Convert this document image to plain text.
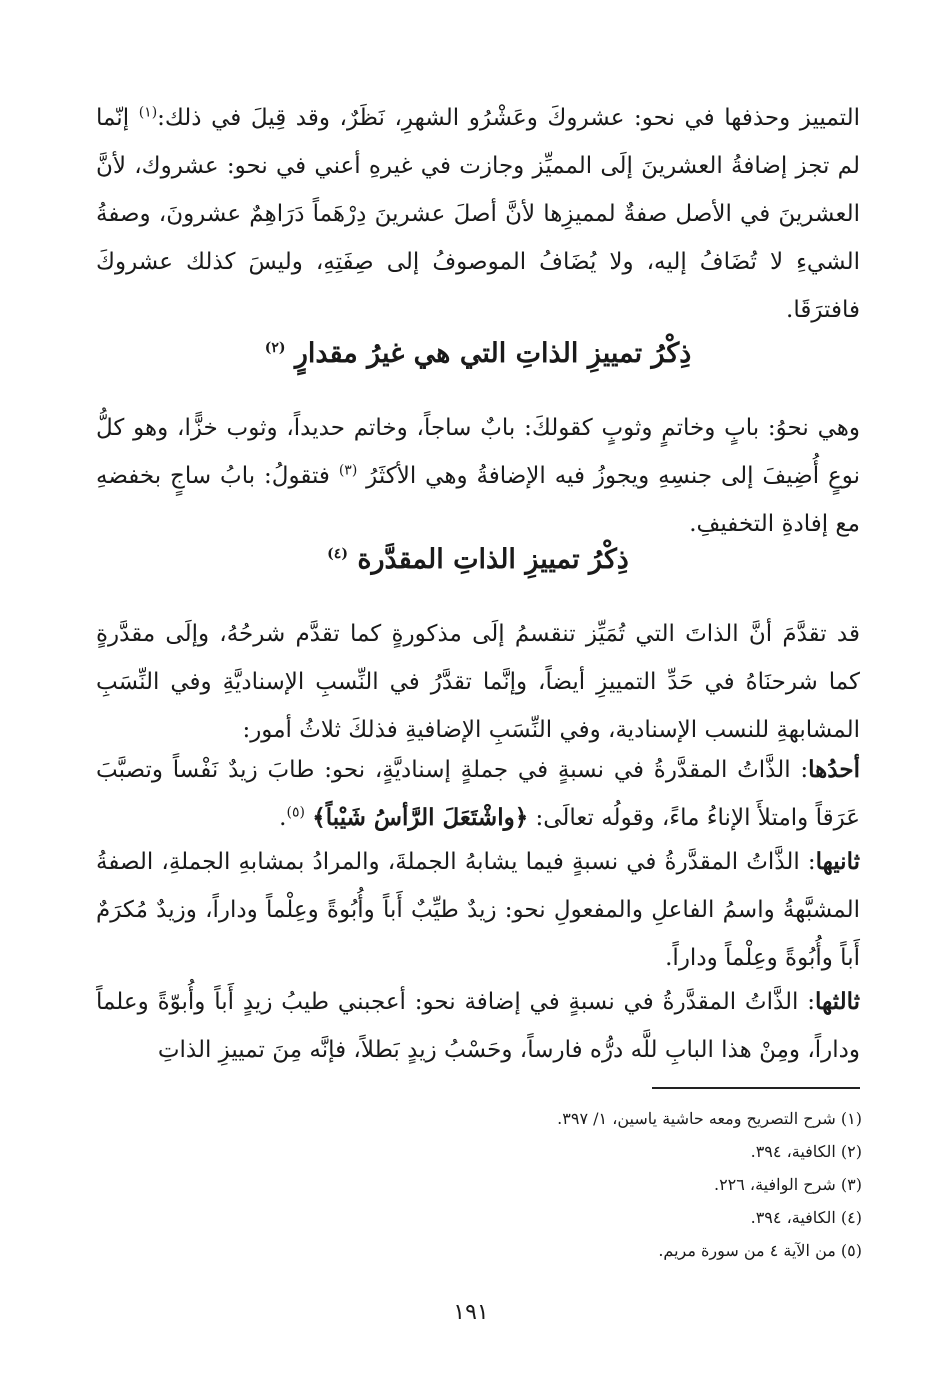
التمييز وحذفها في نحو: عشروكَ وعَشْرُو الشهرِ، نَظَرٌ، وقد قِيلَ في ذلك:$^{(١)}$ إنّما لم تجز إضافةُ العشرينَ إلَى المميِّز وجازت في غيرهِ أعني في نحو: عشروك، لأنَّ العشرينَ في الأصل صفةٌ لمميزِها لأنَّ أصلَ عشرينَ دِرْهَماً دَرَاهِمٌ عشرونَ، وصفةُ الشيءِ لا تُضَافُ إليه، ولا يُضَافُ الموصوفُ إلى صِفَتِهِ، وليسَ كذلك عشروكَ فافترَقَا.

ذِكْرُ تمييزِ الذاتِ التي هي غيرُ مقدارٍ $^{(٢)}$

وهي نحوُ: بابٍ وخاتمٍ وثوبٍ كقولكَ: بابٌ ساجاً، وخاتم حديداً، وثوب خزًّا، وهو كلُّ نوعٍ أُضِيفَ إلى جنسِهِ ويجوزُ فيه الإضافةُ وهي الأكثَرُ $^{(٣)}$ فتقولُ: بابُ ساجٍ بخفضهِ مع إفادةِ التخفيفِ.

ذِكْرُ تمييزِ الذاتِ المقدَّرة $^{(٤)}$

قد تقدَّمَ أنَّ الذاتَ التي تُمَيِّز تنقسمُ إلَى مذكورةٍ كما تقدَّم شرحُهُ، وإلَى مقدَّرةٍ كما شرحنَاهُ في حَدِّ التمييزِ أيضاً، وإنَّما تقدَّرُ في النِّسبِ الإسناديَّةِ وفي النِّسَبِ المشابهةِ للنسب الإسنادية، وفي النِّسَبِ الإضافيةِ فذلكَ ثلاثُ أمور:

أحدُها: الذَّاتُ المقدَّرةُ في نسبةٍ في جملةٍ إسناديَّةٍ، نحو: طابَ زيدٌ نَفْساً وتصبَّبَ عَرَقاً وامتلأَ الإناءُ ماءً، وقولُه تعالَى: ﴿واشْتَعَلَ الرَّأسُ شَيْباً﴾ $^{(٥)}$.

ثانيها: الذَّاتُ المقدَّرةُ في نسبةٍ فيما يشابهُ الجملةَ، والمرادُ بمشابهِ الجملةِ، الصفةُ المشبَّهةُ واسمُ الفاعلِ والمفعولِ نحو: زيدٌ طيِّبٌ أَباً وأُبُوةً وعِلْماً وداراً، وزيدٌ مُكرَمٌ أَباً وأُبُوةً وعِلْماً وداراً.

ثالثها: الذَّاتُ المقدَّرةُ في نسبةٍ في إضافة نحو: أعجبني طيبُ زيدٍ أَباً وأُبوّةً وعلماً وداراً، ومِنْ هذا البابِ للَّه درُّه فارساً، وحَسْبُ زيدٍ بَطلاً، فإنَّه مِنَ تمييزِ الذاتِ

(١) شرح التصريح ومعه حاشية ياسين، ١/ ٣٩٧.
(٢) الكافية، ٣٩٤.
(٣) شرح الوافية، ٢٢٦.
(٤) الكافية، ٣٩٤.
(٥) من الآية ٤ من سورة مريم.
١٩١
